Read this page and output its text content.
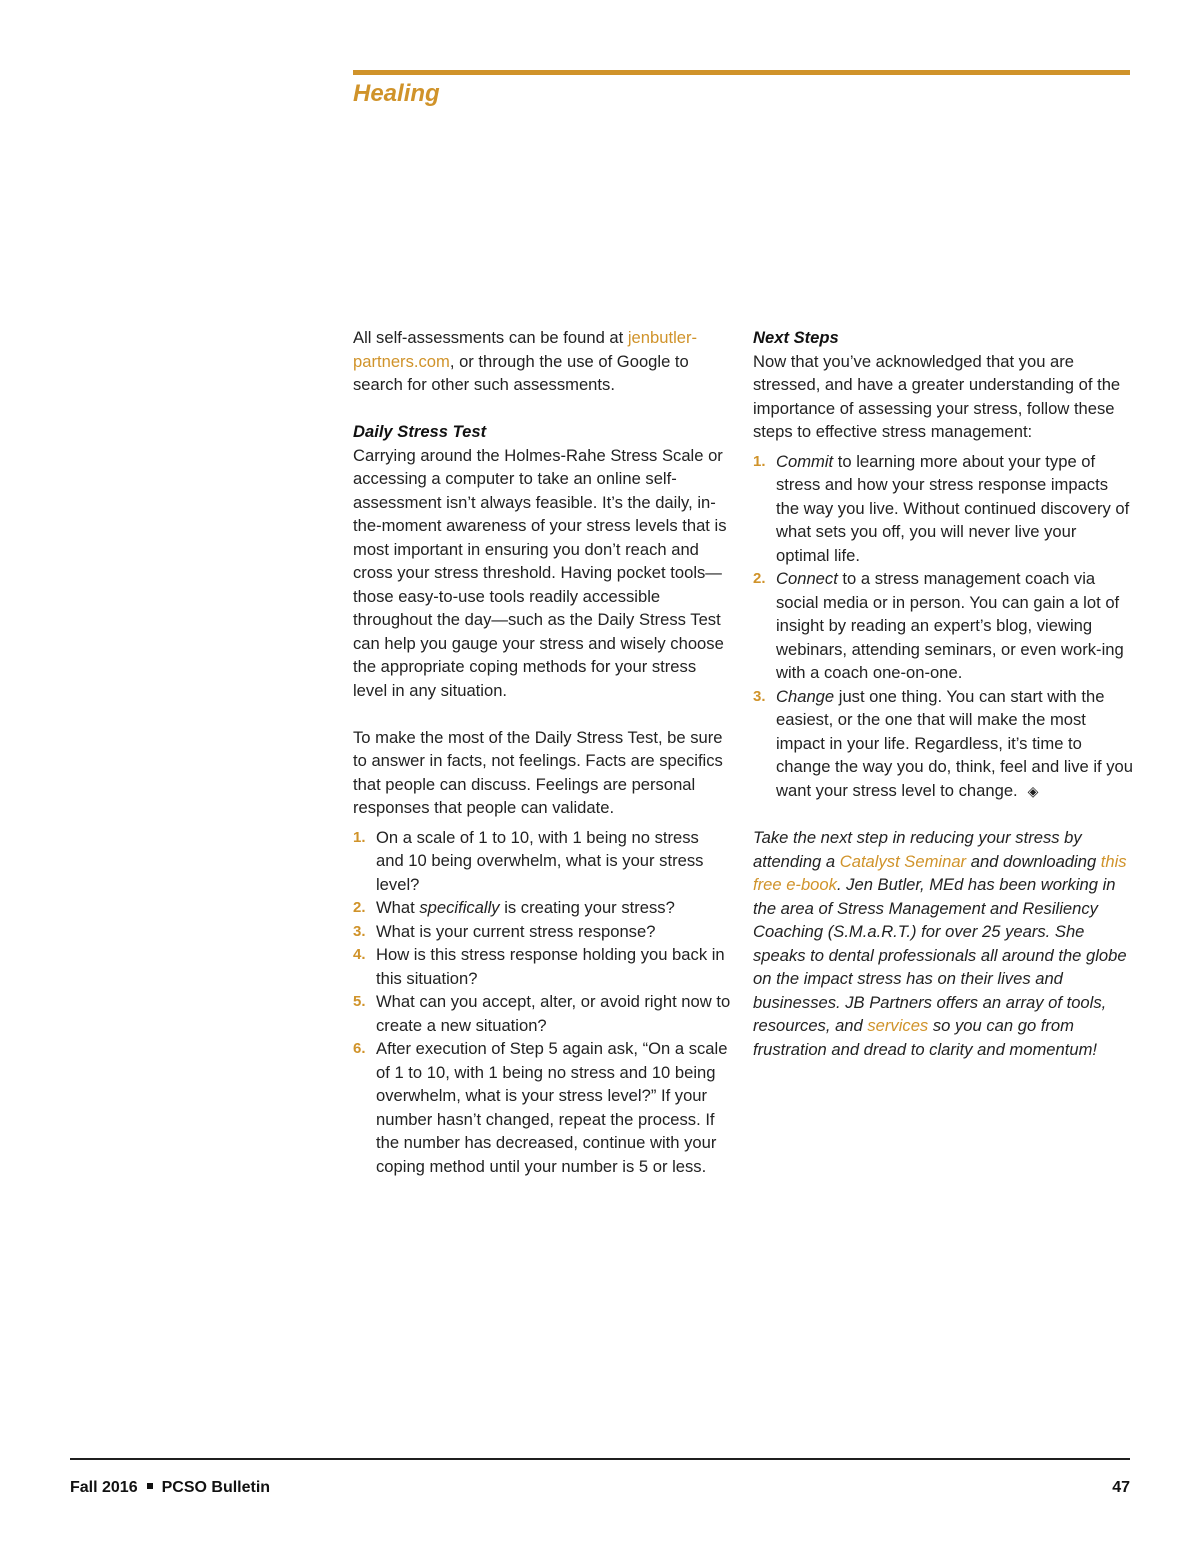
Healing

All self-assessments can be found at jenbutler-partners.com, or through the use of Google to search for other such assessments.

Daily Stress Test

Carrying around the Holmes-Rahe Stress Scale or accessing a computer to take an online self-assessment isn’t always feasible. It’s the daily, in-the-moment awareness of your stress levels that is most important in ensuring you don’t reach and cross your stress threshold. Having pocket tools—those easy-to-use tools readily accessible throughout the day—such as the Daily Stress Test can help you gauge your stress and wisely choose the appropriate coping methods for your stress level in any situation.

To make the most of the Daily Stress Test, be sure to answer in facts, not feelings. Facts are specifics that people can discuss. Feelings are personal responses that people can validate.

1. On a scale of 1 to 10, with 1 being no stress and 10 being overwhelm, what is your stress level?
2. What specifically is creating your stress?
3. What is your current stress response?
4. How is this stress response holding you back in this situation?
5. What can you accept, alter, or avoid right now to create a new situation?
6. After execution of Step 5 again ask, “On a scale of 1 to 10, with 1 being no stress and 10 being overwhelm, what is your stress level?” If your number hasn’t changed, repeat the process. If the number has decreased, continue with your coping method until your number is 5 or less.

Next Steps

Now that you’ve acknowledged that you are stressed, and have a greater understanding of the importance of assessing your stress, follow these steps to effective stress management:

1. Commit to learning more about your type of stress and how your stress response impacts the way you live. Without continued discovery of what sets you off, you will never live your optimal life.
2. Connect to a stress management coach via social media or in person. You can gain a lot of insight by reading an expert’s blog, viewing webinars, attending seminars, or even work-ing with a coach one-on-one.
3. Change just one thing. You can start with the easiest, or the one that will make the most impact in your life. Regardless, it’s time to change the way you do, think, feel and live if you want your stress level to change. ◈

Take the next step in reducing your stress by attending a Catalyst Seminar and downloading this free e-book. Jen Butler, MEd has been working in the area of Stress Management and Resiliency Coaching (S.M.a.R.T.) for over 25 years. She speaks to dental professionals all around the globe on the impact stress has on their lives and businesses. JB Partners offers an array of tools, resources, and services so you can go from frustration and dread to clarity and momentum!

Fall 2016 PCSO Bulletin	47
